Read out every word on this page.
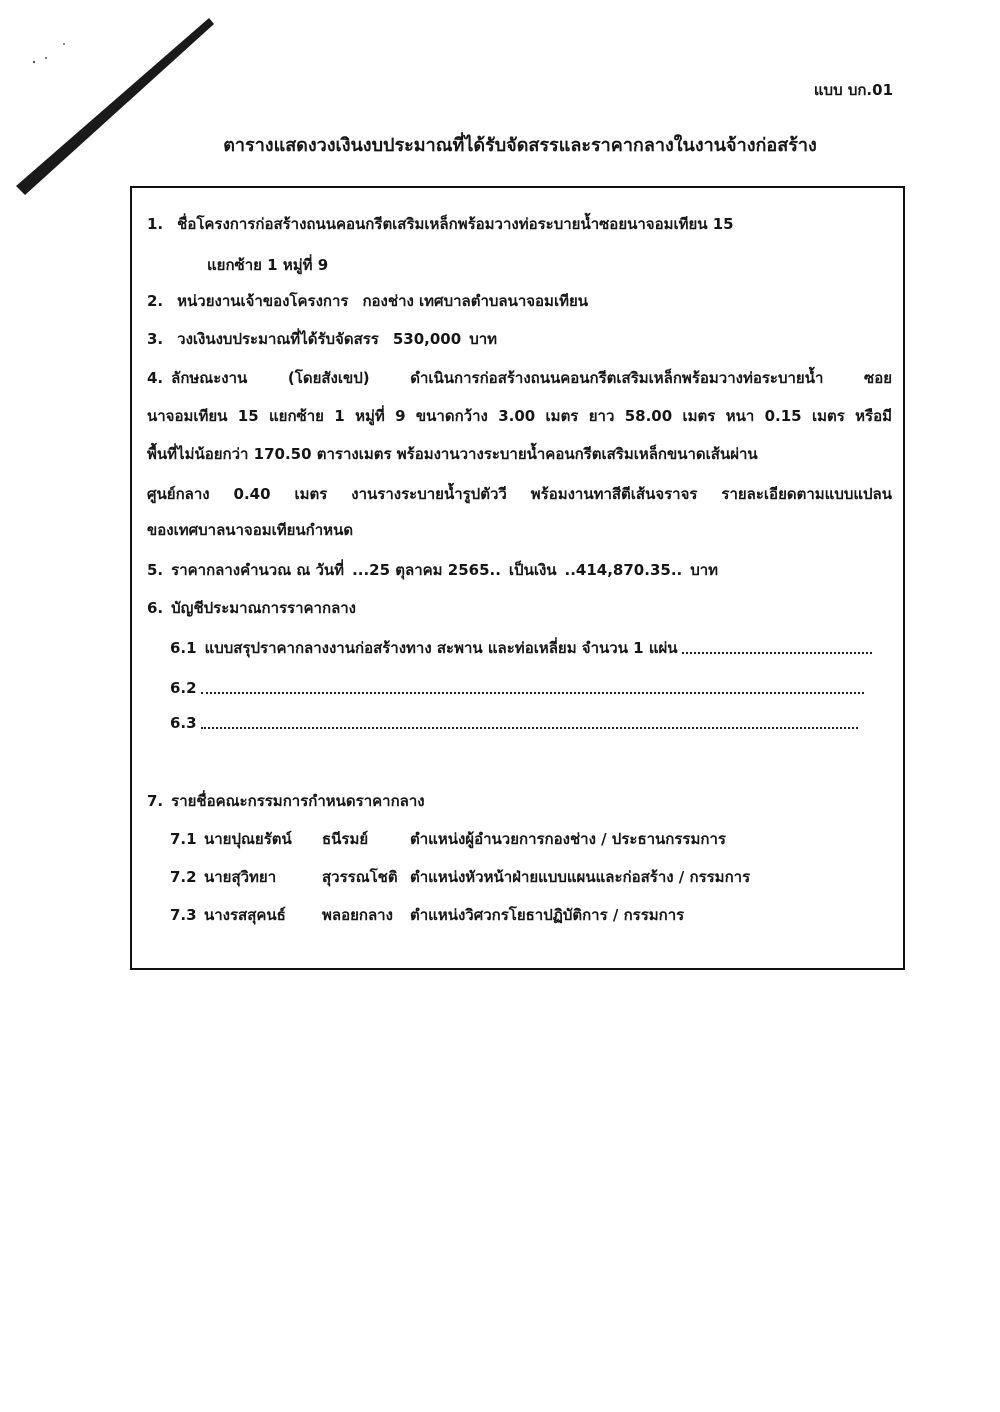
แบบ บก.01
ตารางแสดงวงเงินงบประมาณที่ได้รับจัดสรรและราคากลางในงานจ้างก่อสร้าง
1. ชื่อโครงการก่อสร้างถนนคอนกรีตเสริมเหล็กพร้อมวางท่อระบายน้ำซอยนาจอมเทียน 15
แยกซ้าย 1 หมู่ที่ 9
2. หน่วยงานเจ้าของโครงการ กองช่าง เทศบาลตำบลนาจอมเทียน
3. วงเงินงบประมาณที่ได้รับจัดสรร 530,000 บาท
4. ลักษณะงาน (โดยสังเขป) ดำเนินการก่อสร้างถนนคอนกรีตเสริมเหล็กพร้อมวางท่อระบายน้ำ ซอย
นาจอมเทียน 15 แยกซ้าย 1 หมู่ที่ 9 ขนาดกว้าง 3.00 เมตร ยาว 58.00 เมตร หนา 0.15 เมตร หรือมี
พื้นที่ไม่น้อยกว่า 170.50 ตารางเมตร พร้อมงานวางระบายน้ำคอนกรีตเสริมเหล็กขนาดเส้นผ่าน
ศูนย์กลาง 0.40 เมตร งานรางระบายน้ำรูปตัววี พร้อมงานทาสีตีเส้นจราจร รายละเอียดตามแบบแปลน
ของเทศบาลนาจอมเทียนกำหนด
5. ราคากลางคำนวณ ณ วันที่ ...25 ตุลาคม 2565.. เป็นเงิน ..414,870.35.. บาท
6. บัญชีประมาณการราคากลาง
6.1 แบบสรุปราคากลางงานก่อสร้างทาง สะพาน และท่อเหลี่ยม จำนวน 1 แผ่น
6.2
6.3
7. รายชื่อคณะกรรมการกำหนดราคากลาง
7.1 นายปุณยรัตน์ ธนีรมย์	ตำแหน่งผู้อำนวยการกองช่าง / ประธานกรรมการ
7.2 นายสุวิทยา	สุวรรณโชติ ตำแหน่งหัวหน้าฝ่ายแบบแผนและก่อสร้าง / กรรมการ
7.3 นางรสสุคนธ์ พลอยกลาง ตำแหน่งวิศวกรโยธาปฏิบัติการ / กรรมการ
